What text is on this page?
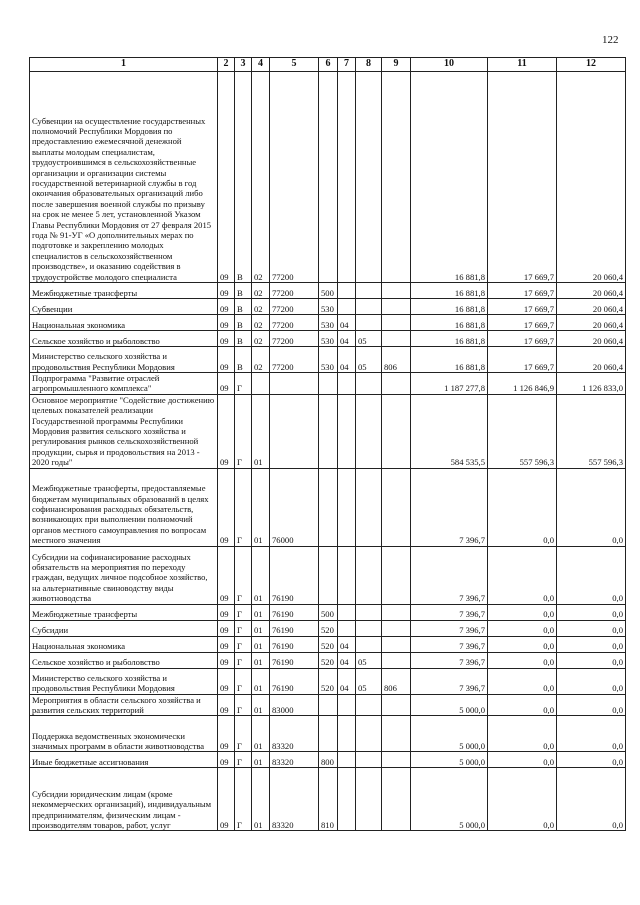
122
1	2	3	4	5	6	7	8	9	10	11	12
Субвенции на осуществление государственных полномочий Республики Мордовия по предоставлению ежемесячной денежной выплаты молодым специалистам, трудоустроившимся в сельскохозяйственные организации и организации системы государственной ветеринарной службы в год окончания образовательных организаций либо после завершения военной службы по призыву на срок не менее 5 лет, установленной Указом Главы Республики Мордовия от 27 февраля 2015 года № 91-УГ «О дополнительных мерах по подготовке и закреплению молодых специалистов в сельскохозяйственном производстве», и оказанию содействия в трудоустройстве молодого специалиста	09	В	02	77200					16 881,8	17 669,7	20 060,4
Межбюджетные трансферты	09	В	02	77200	500				16 881,8	17 669,7	20 060,4
Субвенции	09	В	02	77200	530				16 881,8	17 669,7	20 060,4
Национальная экономика	09	В	02	77200	530	04			16 881,8	17 669,7	20 060,4
Сельское хозяйство и рыболовство	09	В	02	77200	530	04	05		16 881,8	17 669,7	20 060,4
Министерство сельского хозяйства и продовольствия Республики Мордовия	09	В	02	77200	530	04	05	806	16 881,8	17 669,7	20 060,4
Подпрограмма "Развитие отраслей агропромышленного комплекса"	09	Г							1 187 277,8	1 126 846,9	1 126 833,0
Основное мероприятие "Содействие достижению целевых показателей реализации Государственной программы Республики Мордовия развития сельского хозяйства и регулирования рынков сельскохозяйственной продукции, сырья и продовольствия на 2013 - 2020 годы"	09	Г	01						584 535,5	557 596,3	557 596,3
Межбюджетные трансферты, предоставляемые бюджетам муниципальных образований в целях софинансирования расходных обязательств, возникающих при выполнении полномочий органов местного самоуправления по вопросам местного значения	09	Г	01	76000					7 396,7	0,0	0,0
Субсидии на софинансирование расходных обязательств на мероприятия по переходу граждан, ведущих личное подсобное хозяйство, на альтернативные свиноводству виды животноводства	09	Г	01	76190					7 396,7	0,0	0,0
Межбюджетные трансферты	09	Г	01	76190	500				7 396,7	0,0	0,0
Субсидии	09	Г	01	76190	520				7 396,7	0,0	0,0
Национальная экономика	09	Г	01	76190	520	04			7 396,7	0,0	0,0
Сельское хозяйство и рыболовство	09	Г	01	76190	520	04	05		7 396,7	0,0	0,0
Министерство сельского хозяйства и продовольствия Республики Мордовия	09	Г	01	76190	520	04	05	806	7 396,7	0,0	0,0
Мероприятия в области сельского хозяйства и развития сельских территорий	09	Г	01	83000					5 000,0	0,0	0,0
Поддержка ведомственных экономически значимых программ в области животноводства	09	Г	01	83320					5 000,0	0,0	0,0
Иные бюджетные ассигнования	09	Г	01	83320	800				5 000,0	0,0	0,0
Субсидии юридическим лицам (кроме некоммерческих организаций), индивидуальным предпринимателям, физическим лицам - производителям товаров, работ, услуг	09	Г	01	83320	810				5 000,0	0,0	0,0
